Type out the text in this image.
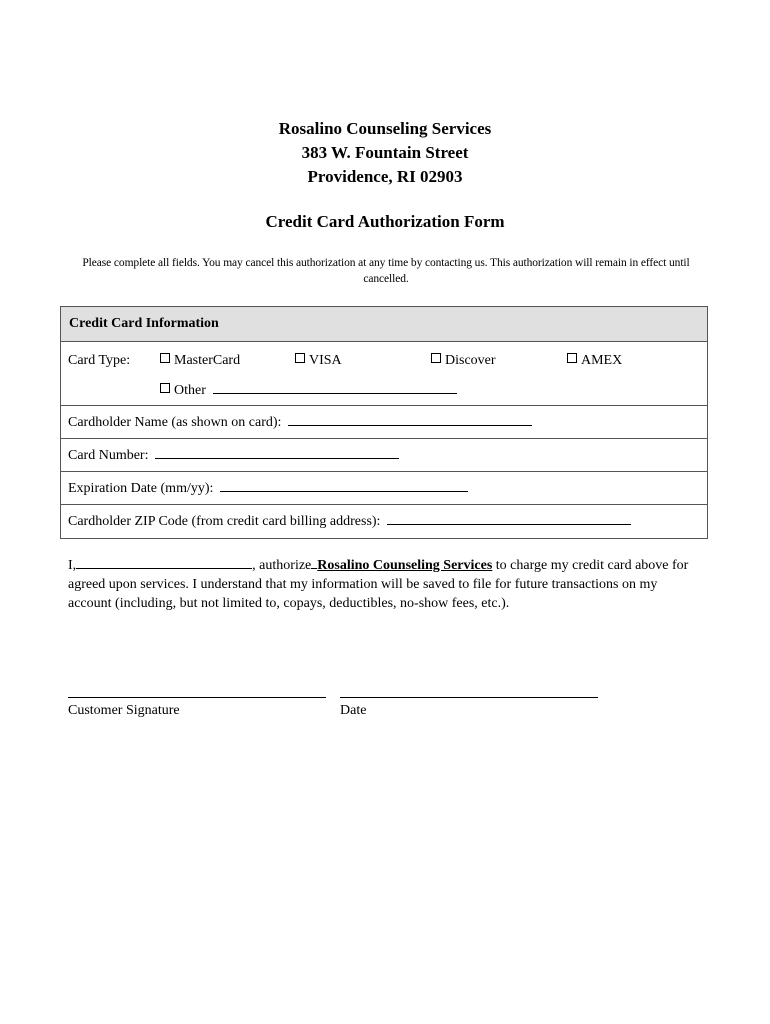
Rosalino Counseling Services
383 W. Fountain Street
Providence, RI 02903
Credit Card Authorization Form
Please complete all fields. You may cancel this authorization at any time by contacting us. This authorization will remain in effect until cancelled.
Credit Card Information
Card Type:	MasterCard	VISA	Discover	AMEX
Other
Cardholder Name (as shown on card):
Card Number:
Expiration Date (mm/yy):
Cardholder ZIP Code (from credit card billing address):
I,	, authorize Rosalino Counseling Services to charge my credit card above for agreed upon services. I understand that my information will be saved to file for future transactions on my account (including, but not limited to, copays, deductibles, no-show fees, etc.).
Customer Signature	Date
